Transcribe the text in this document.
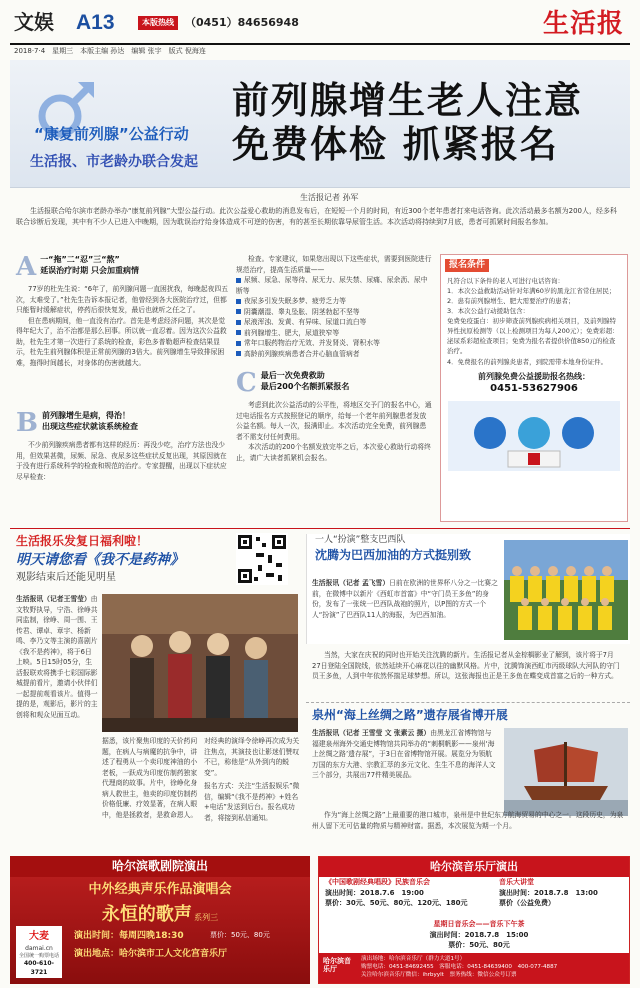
文娱 A13	本版热线	（0451）84656948	生活报
2018·7·4　星期三　本版主编 孙达　编辑 张宇　版式 倪海连
“康复前列腺”公益行动
生活报、市老龄办联合发起
前列腺增生老人注意
免费体检 抓紧报名
生活报记者 孙军
生活报联合哈尔滨市老龄办举办“康复前列腺”大型公益行动。此次公益爱心救助的消息发布后，在短短一个月的时间，有近300个老年患者打来电话咨询。此次活动最多名额为200人，经多科联合诊断后发现，其中有不少人已进入中晚期，因为耽误治疗给身体造成不可逆的伤害，有的甚至长期依靠导尿管生活。本次活动将持续到7月底，患者可抓紧时间报名参加。
A 一“拖”二“忍”三“熬”
延误治疗时期 只会加重病情

77岁的杜先生说：“6年了，前列腺问题一直困扰我，每晚起夜四五次，太难受了。”杜先生告诉本报记者，他曾经到各大医院治疗过，但都只能暂时缓解症状，停药后很快复发，最后也就听之任之了。

但在患病期间，他一直没有治疗。首先是考虑经济问题，其次是觉得年纪大了，治不治都是那么回事。所以就一直忍着。因为这次公益救助，杜先生才第一次进行了系统的检查，彩色多普勒超声检查结果显示，杜先生前列腺体积是正常前列腺的3倍大。前列腺增生导致排尿困难，拖得时间越长，对身体的伤害就越大。

B 前列腺增生是病，得治！
出现这些症状就该系统检查

不少前列腺疾病患者都有这样的经历：再没少吃，治疗方法也没少用，但效果甚微，尿频、尿急、夜尿多这些症状反复出现，其原因就在于没有进行系统科学的检查和规范的治疗。专家提醒，出现以下症状应尽早检查：

检查。专家建议，如果您出现以下这些症状，需要到医院进行规范治疗，提高生活质量——

尿频、尿急、尿等待、尿无力、尿失禁、尿痛、尿余沥、尿中断等
夜尿多引发失眠多梦、疲劳乏力等
阴囊潮湿、睾丸坠胀、阴茎勃起不坚等
尿液浑浊、发黄、有异味、尿道口流白等
前列腺增生、肥大，尿道狭窄等
常年口服药物治疗无效、并发肾炎、肾积水等
高龄前列腺疾病患者合并心脑血管病者
C 最后一次免费救助
最后200个名额抓紧报名

考虑到此次公益活动的公平性，将地区交予门的报名中心，通过电话报名方式按照登记的顺序，给每一个老年前列腺患者发放公益名额。每人一次，报满即止。本次活动完全免费，前列腺患者不需支付任何费用。

本次活动的200个名额发放完毕之后，本次爱心救助行动将终止，请广大读者抓紧机会报名。

报名条件
凡符合以下条件的老人可进行电话咨询：
1．本次公益救助活动针对年满60岁的黑龙江省常住居民；
2．患有前列腺增生、肥大需要治疗的患者；
3．本次公益行动援助包含：
免费免疫蛋白：初步筛查前列腺疾病相关项目，及前列腺特异性抗原检测等（以上检测项目为每人200元）；免费彩超：泌尿系彩超检查项目；免费为报名者提供价值850元的检查治疗。
4．免费报名的前列腺炎患者，到院需带本地身份证件。
前列腺免费公益援助报名热线：
0451-53627906
生活报乐发复日福利啦！
明天请您看《我不是药神》
观影结束后还能见明星
生活报讯（记者王雪莹）由文牧野执导，宁浩、徐峥共同监制，徐峥、周一围、王传君、谭卓、章宇、杨新鸣、李乃文等主演的喜剧片《我不是药神》，将于6日上映。5日15时05分，生活报联欢将携手七彩国际影城提前看片，邀请小伙伴们一起提前观看该片。值得一提的是，观影后，影片的主创将和观众见面互动。
据悉，该片聚焦印度的天价药问题，在病人与病魔的抗争中，讲述了程勇从一个卖印度神油的小老板，一跃成为印度仿制药独家代理商的故事。片中，徐峥化身病人救世主，他卖的印度仿制药价格低廉、疗效显著，在病人眼中，他是拯救者，是救命恩人。
对经典的演绎令徐峥再次成为关注焦点，其演技也让影迷们赞叹不已，称他是“从外到内的蜕变”。
报名方式：关注“生活报娱乐”微信，编辑“《我不是药神》+姓名+电话”发送到后台。报名成功者，将接到私信通知。
一人“扮演”整支巴西队
沈腾为巴西加油的方式挺别致
生活报讯（记者 孟飞雪）日前在欧洲的世界杯八分之一比赛之前，在微博中以新片《西虹市首富》中“守门员王多鱼”的身份，发布了一张统一巴西队战袍的照片，以P图的方式一个人“扮演”了巴西队11人的海报，为巴西加油。
当然，大家在庆祝的同时也开始关注沈腾的新片。生活报记者从金棕榈影业了解到，该片将于7月27日登陆全国院线，依然延续开心麻花以往的幽默风格。片中，沈腾饰演西虹市丙级球队大河队的守门员王多鱼，人到中年依然怀揣足球梦想。所以，这张海报也正是王多鱼在蝶变成首富之后的一种方式。
泉州“海上丝绸之路”遗存展省博开展
生活报讯（记者 王雪莹 文 张素云 摄）由黑龙江省博物馆与福建泉州海外交通史博物馆共同举办的“刺桐帆影——泉州‘海上丝绸之路’遗存展”，于3日在省博物馆开展。展览分为领航万国的东方大港、宗教汇萃的多元文化、生生不息的海洋人文三个部分，共展出77件精美展品。
作为“海上丝绸之路”上最重要的港口城市，泉州是中世纪东方航海贸易的中心之一。这段历史，为泉州人留下无可估量的物质与精神财富。据悉，本次展览为期一个月。
哈尔滨歌剧院演出
中外经典声乐作品演唱会
永恒的歌声 系列三
大麦
damai.cn
全国统一购票电话
400-610-3721
演出时间：每周四晚18:30	票价：50元、80元
演出地点：哈尔滨市工人文化宫音乐厅
哈尔滨音乐厅演出
《中国歌剧经典唱段》民族音乐会
演出时间：2018.7.6　19:00
票价：30元、50元、80元、120元、180元
音乐大讲堂
演出时间：2018.7.8　13:00
票价（公益免费）
星期日音乐会——音乐下午茶
演出时间：2018.7.8　15:00
票价：50元、80元
哈尔滨音乐厅
演出场地：哈尔滨音乐厅（群力大道1号）
购票电话：0451-84692455　客服电话：0451-84639400　400-077-4887
关注哈尔滨音乐厅微信：ihrbyylt　票务热线：微信公众号订票
